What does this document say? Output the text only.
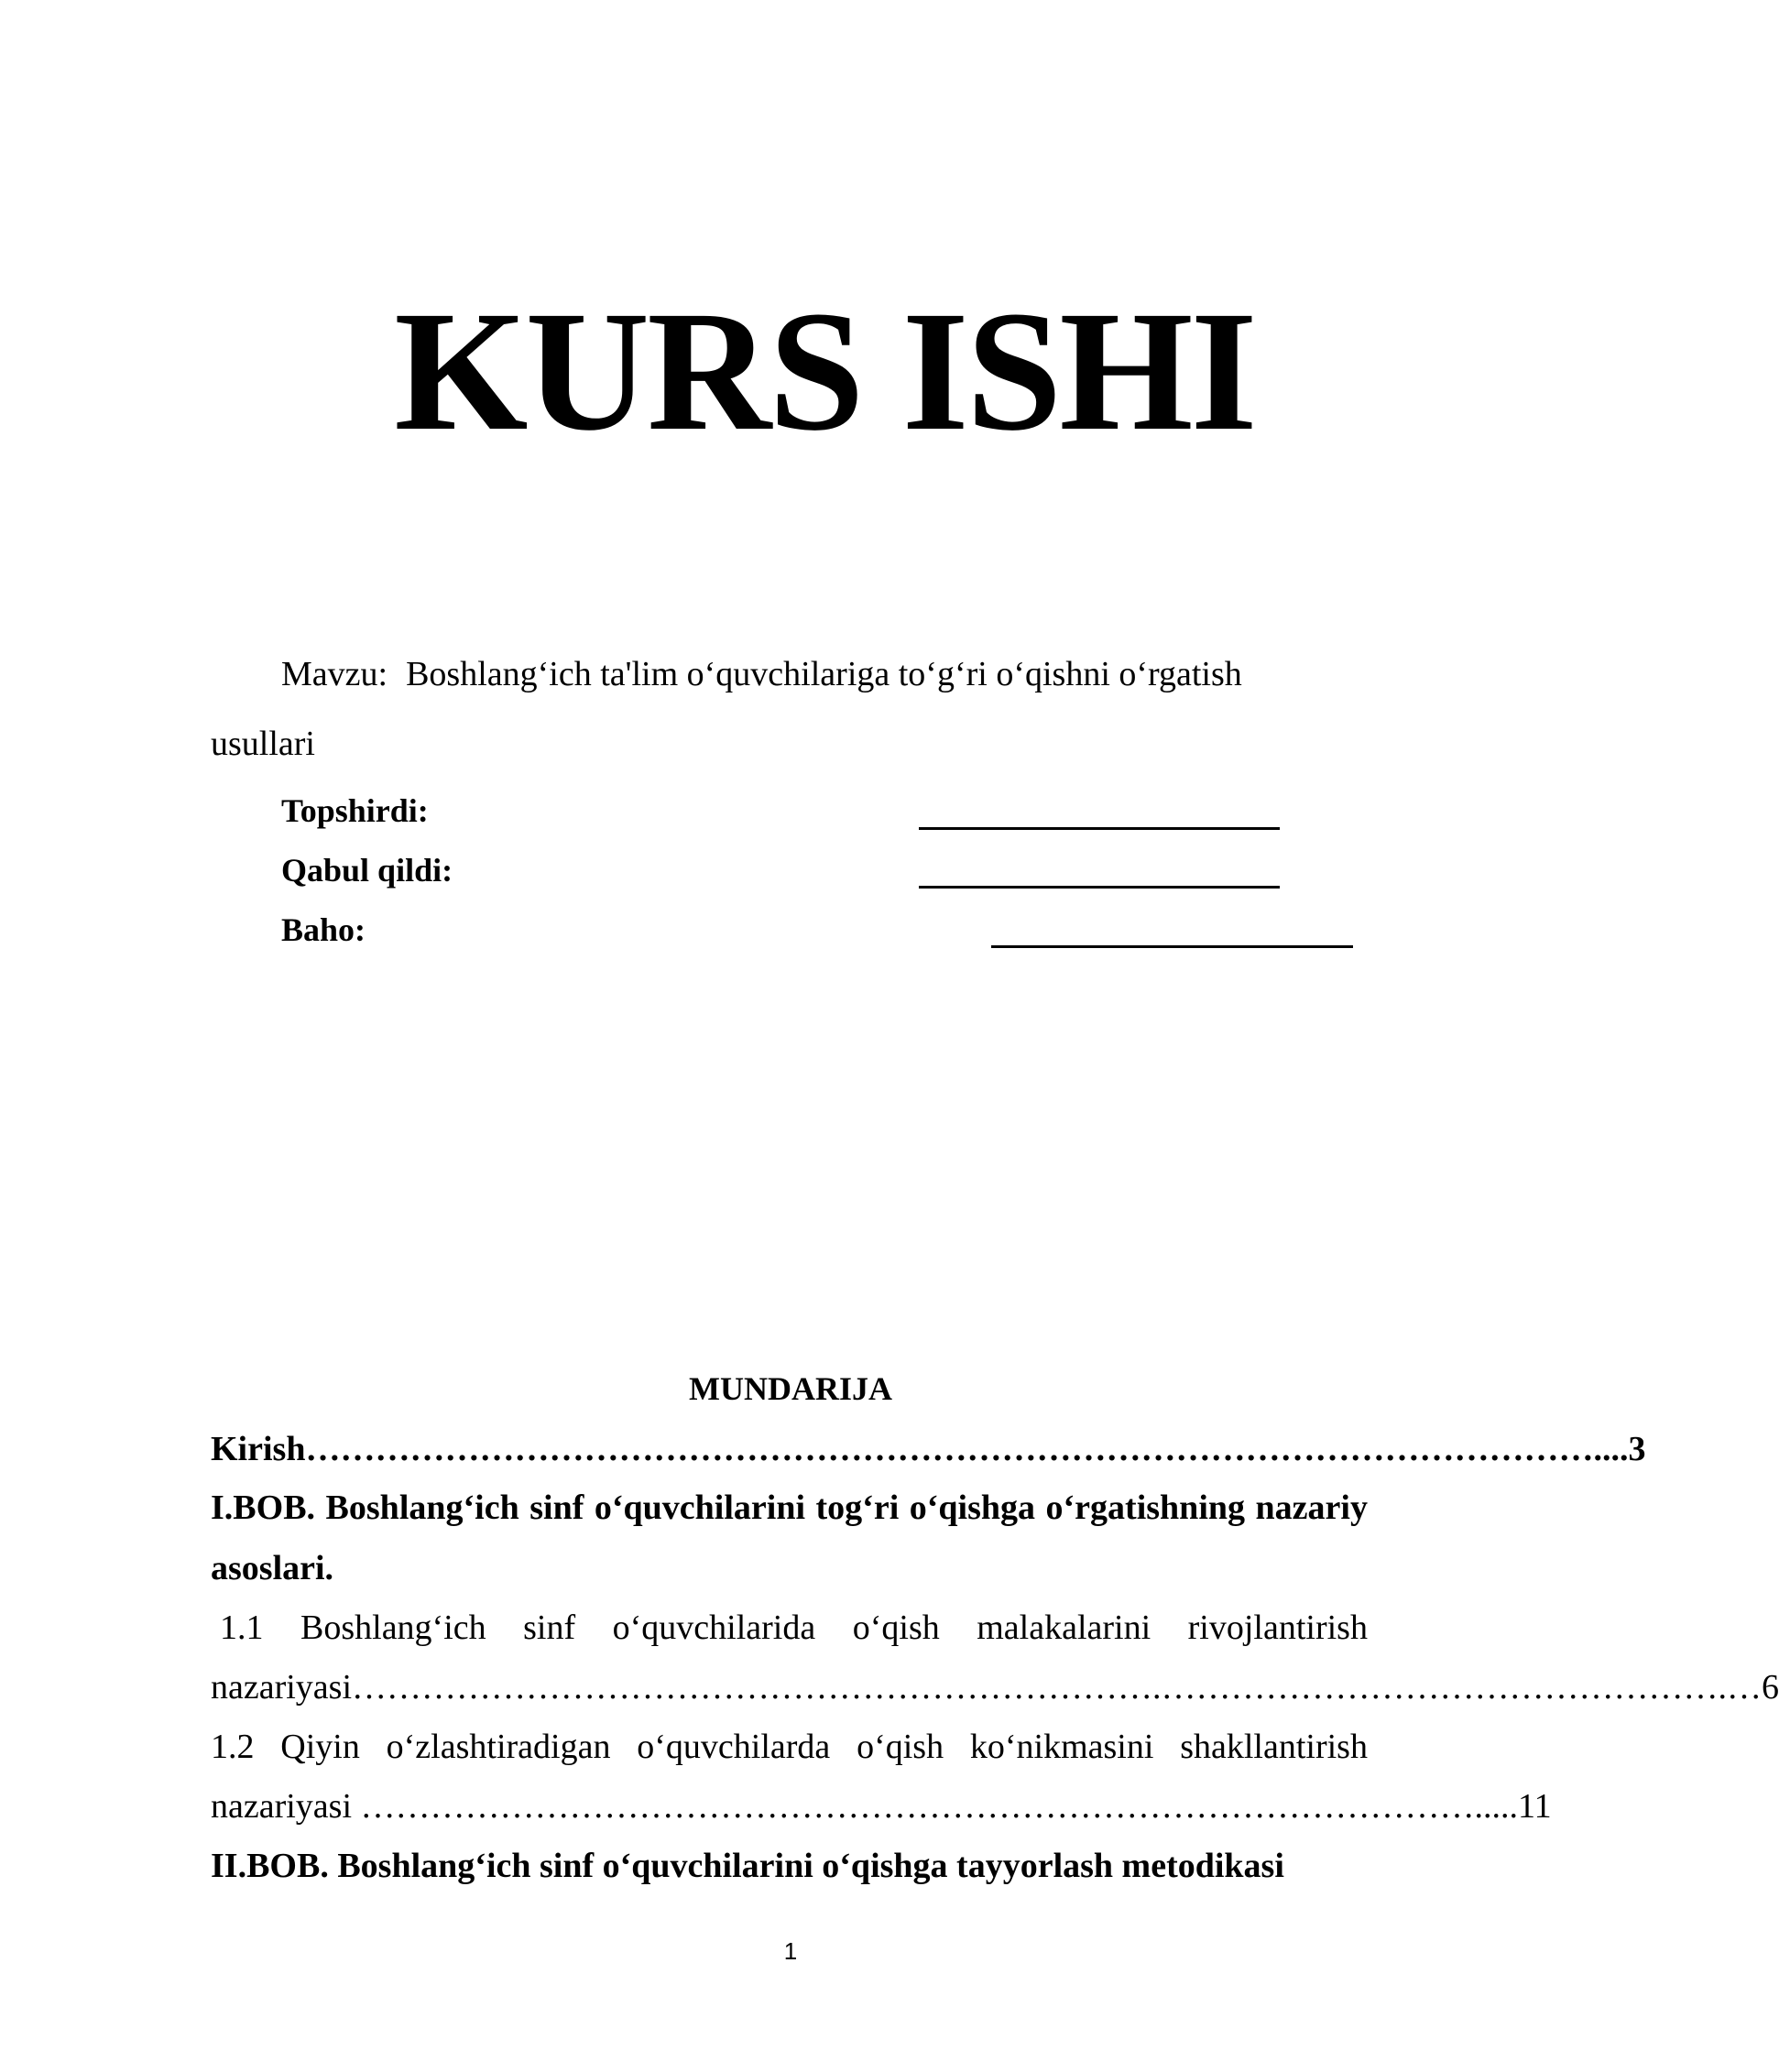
KURS ISHI
Mavzu: Boshlang‘ich ta'lim o‘quvchilariga to‘g‘ri o‘qishni o‘rgatish
usullari
Topshirdi:
Qabul qildi:
Baho:
MUNDARIJA
Kirish …………………………………………………………………………………………………. ...3
I.BOB. Boshlang‘ich sinf o‘quvchilarini tog‘ri o‘qishga o‘rgatishning nazariy
asoslari.
1.1 Boshlang‘ich sinf o‘quvchilarida o‘qish malakalarini rivojlantirish
nazariyasi …………………………………………………………….………………………………………….… 6
1.2 Qiyin o‘zlashtiradigan o‘quvchilarda o‘qish ko‘nikmasini shakllantirish
nazariyasi …………………………………………………………………………………….. ...11
II.BOB. Boshlang‘ich sinf o‘quvchilarini o‘qishga tayyorlash metodikasi
1
